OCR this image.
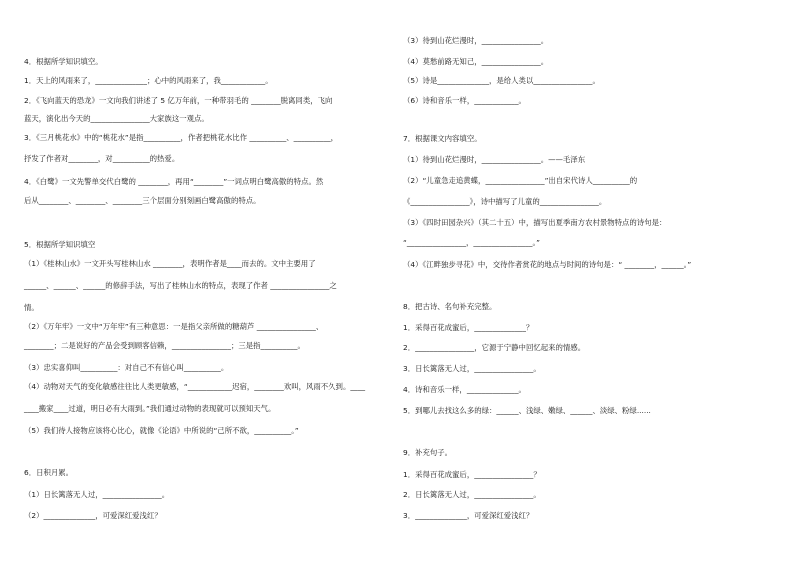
4．根据所学知识填空。
1．天上的风雨来了，______________；心中的风雨来了，我____________。
2．《飞向蓝天的恐龙》一文向我们讲述了 5 亿万年前，一种带羽毛的 ________脱离同类，飞向
蓝天，演化出今天的________________大家族这一观点。
3．《三月桃花水》中的“桃花水”是指__________，作者把桃花水比作 __________、__________，
抒发了作者对________，对__________的热爱。
4．《白鹭》一文先警单交代白鹭的 ________，再用“________”一词点明白鹭高傲的特点。然
后从________、________、________三个层面分别刻画白鹭高傲的特点。
5．根据所学知识填空
（1）《桂林山水》一文开头写桂林山水 ________，表明作者是____而去的。文中主要用了
______、______、______的修辞手法，写出了桂林山水的特点，表现了作者 ________________之
情。
（2）《万年牢》一文中“万年牢”有三种意思：一是指父亲所做的糖葫芦 ________________、
________；二是说好的产品会受到顾客信赖，________________；三是指__________。
（3）忠实喜仰叫__________：对自己不有信心叫__________。
（4）动物对天气的变化敏感往往比人类更敏感，“____________迟宿，________欢叫，风雨不久到。____
____搬家____过道，明日必有大雨到。”我们通过动物的表现就可以预知天气。
（5）我们待人接物应该将心比心，就像《论语》中所说的“己所不欲，__________。”
6．日积月累。
（1）日长篱落无人过，________________。
（2）______________，可爱深红爱浅红？
（3）待到山花烂漫时，________________。
（4）莫愁前路无知己，________________。
（5）诗是______________，是给人类以________________。
（6）诗和音乐一样，____________。
7．根据课文内容填空。
（1）待到山花烂漫时，________________。——毛泽东
（2）“儿童急走追黄蝶，________________”出自宋代诗人__________的
《________________》，诗中描写了儿童的________________。
（3）《四时田园杂兴》（其二十五）中，描写出夏季南方农村景物特点的诗句是：
“________________，________________。”
（4）《江畔独步寻花》中，交待作者赏花的地点与时间的诗句是：“ ________，______。”
8．把古诗、名句补充完整。
1．采得百花成蜜后，______________？
2．________________，它源于宁静中回忆起来的情感。
3．日长篱落无人过，________________。
4．诗和音乐一样，______________。
5．到哪儿去找这么多的绿：______、浅绿、嫩绿、______、淡绿、粉绿......
9．补充句子。
1．采得百花成蜜后，________________？
2．日长篱落无人过，________________。
3．______________，可爱深红爱浅红？
